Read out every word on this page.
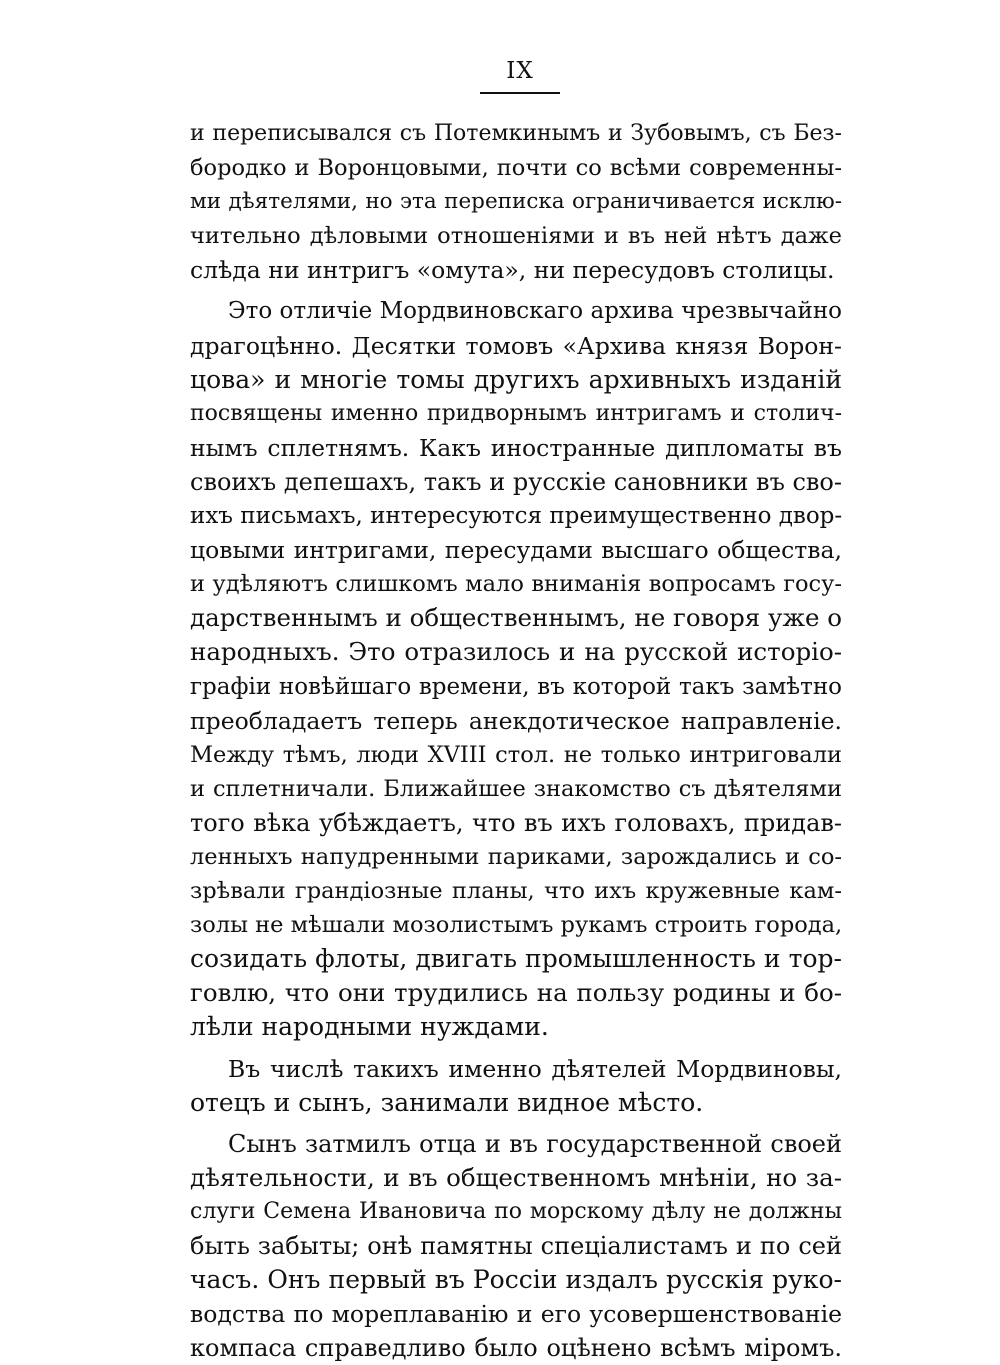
IX
и переписывался съ Потемкинымъ и Зубовымъ, съ Без-
бородко и Воронцовыми, почти со всѣми современны-
ми дѣятелями, но эта переписка ограничивается исклю-
чительно дѣловыми отношеніями и въ ней нѣтъ даже
слѣда ни интригъ «омута», ни пересудовъ столицы.
Это отличіе Мордвиновскаго архива чрезвычайно
драгоцѣнно. Десятки томовъ «Архива князя Ворон-
цова» и многіе томы другихъ архивныхъ изданій
посвящены именно придворнымъ интригамъ и столич-
нымъ сплетнямъ. Какъ иностранные дипломаты въ
своихъ депешахъ, такъ и русскіе сановники въ сво-
ихъ письмахъ, интересуются преимущественно двор-
цовыми интригами, пересудами высшаго общества,
и удѣляютъ слишкомъ мало вниманія вопросамъ госу-
дарственнымъ и общественнымъ, не говоря уже о
народныхъ. Это отразилось и на русской исторіо-
графіи новѣйшаго времени, въ которой такъ замѣтно
преобладаетъ теперь анекдотическое направленіе.
Между тѣмъ, люди XVIII стол. не только интриговали
и сплетничали. Ближайшее знакомство съ дѣятелями
того вѣка убѣждаетъ, что въ ихъ головахъ, придав-
ленныхъ напудренными париками, зарождались и со-
зрѣвали грандіозные планы, что ихъ кружевные кам-
золы не мѣшали мозолистымъ рукамъ строить города,
созидать флоты, двигать промышленность и тор-
говлю, что они трудились на пользу родины и бо-
лѣли народными нуждами.
Въ числѣ такихъ именно дѣятелей Мордвиновы,
отецъ и сынъ, занимали видное мѣсто.
Сынъ затмилъ отца и въ государственной своей
дѣятельности, и въ общественномъ мнѣніи, но за-
слуги Семена Ивановича по морскому дѣлу не должны
быть забыты; онѣ памятны спеціалистамъ и по сей
часъ. Онъ первый въ Россіи издалъ русскія руко-
водства по мореплаванію и его усовершенствованіе
компаса справедливо было оцѣнено всѣмъ міромъ.
